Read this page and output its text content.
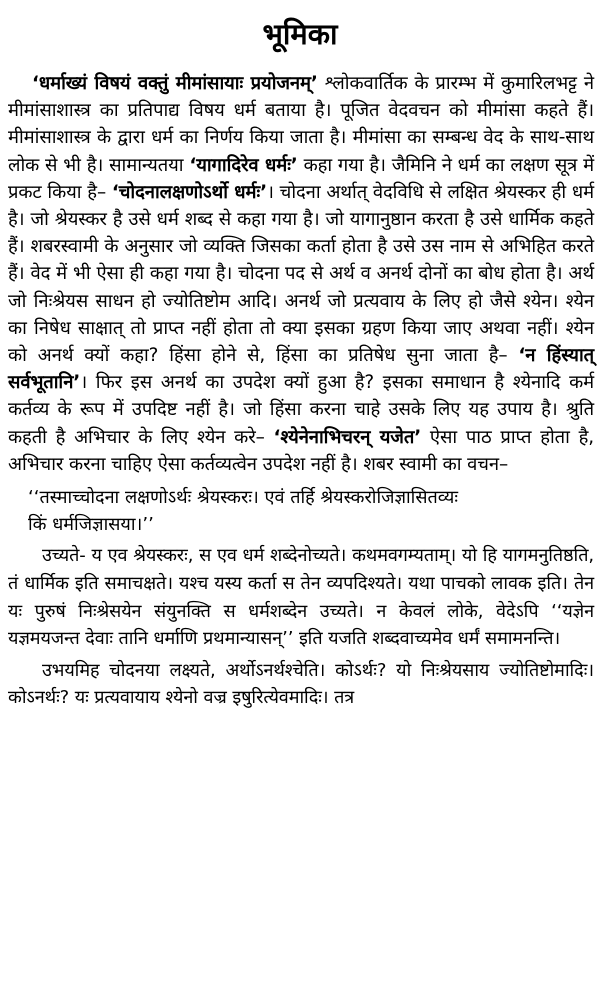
भूमिका

‘धर्माख्यं विषयं वक्तुं मीमांसायाः प्रयोजनम्’ श्लोकवार्तिक के प्रारम्भ में कुमारिलभट्ट ने मीमांसाशास्त्र का प्रतिपाद्य विषय धर्म बताया है। पूजित वेदवचन को मीमांसा कहते हैं। मीमांसाशास्त्र के द्वारा धर्म का निर्णय किया जाता है। मीमांसा का सम्बन्ध वेद के साथ-साथ लोक से भी है। सामान्यतया ‘यागादिरेव धर्मः’ कहा गया है। जैमिनि ने धर्म का लक्षण सूत्र में प्रकट किया है– ‘चोदनालक्षणोऽर्थो धर्मः’। चोदना अर्थात् वेदविधि से लक्षित श्रेयस्कर ही धर्म है। जो श्रेयस्कर है उसे धर्म शब्द से कहा गया है। जो यागानुष्ठान करता है उसे धार्मिक कहते हैं। शबरस्वामी के अनुसार जो व्यक्ति जिसका कर्ता होता है उसे उस नाम से अभिहित करते हैं। वेद में भी ऐसा ही कहा गया है। चोदना पद से अर्थ व अनर्थ दोनों का बोध होता है। अर्थ जो निःश्रेयस साधन हो ज्योतिष्टोम आदि। अनर्थ जो प्रत्यवाय के लिए हो जैसे श्येन। श्येन का निषेध साक्षात् तो प्राप्त नहीं होता तो क्या इसका ग्रहण किया जाए अथवा नहीं। श्येन को अनर्थ क्यों कहा? हिंसा होने से, हिंसा का प्रतिषेध सुना जाता है– ‘न हिंस्यात् सर्वभूतानि’। फिर इस अनर्थ का उपदेश क्यों हुआ है? इसका समाधान है श्येनादि कर्म कर्तव्य के रूप में उपदिष्ट नहीं है। जो हिंसा करना चाहे उसके लिए यह उपाय है। श्रुति कहती है अभिचार के लिए श्येन करे– ‘श्येनेनाभिचरन् यजेत’ ऐसा पाठ प्राप्त होता है, अभिचार करना चाहिए ऐसा कर्तव्यत्वेन उपदेश नहीं है। शबर स्वामी का वचन–

‘‘तस्माच्चोदना लक्षणोऽर्थः श्रेयस्करः। एवं तर्हि श्रेयस्करोजिज्ञासितव्यः

किं धर्मजिज्ञासया।’’

उच्यते- य एव श्रेयस्करः, स एव धर्म शब्देनोच्यते। कथमवगम्यताम्। यो हि यागमनुतिष्ठति, तं धार्मिक इति समाचक्षते। यश्च यस्य कर्ता स तेन व्यपदिश्यते। यथा पाचको लावक इति। तेन यः पुरुषं निःश्रेसयेन संयुनक्ति स धर्मशब्देन उच्यते। न केवलं लोके, वेदेऽपि ‘‘यज्ञेन यज्ञमयजन्त देवाः तानि धर्माणि प्रथमान्यासन्’’ इति यजति शब्दवाच्यमेव धर्मं समामनन्ति।

उभयमिह चोदनया लक्ष्यते, अर्थोऽनर्थश्चेति। कोऽर्थः? यो निःश्रेयसाय ज्योतिष्टोमादिः। कोऽनर्थः? यः प्रत्यवायाय श्येनो वज्र इषुरित्येवमादिः। तत्र
